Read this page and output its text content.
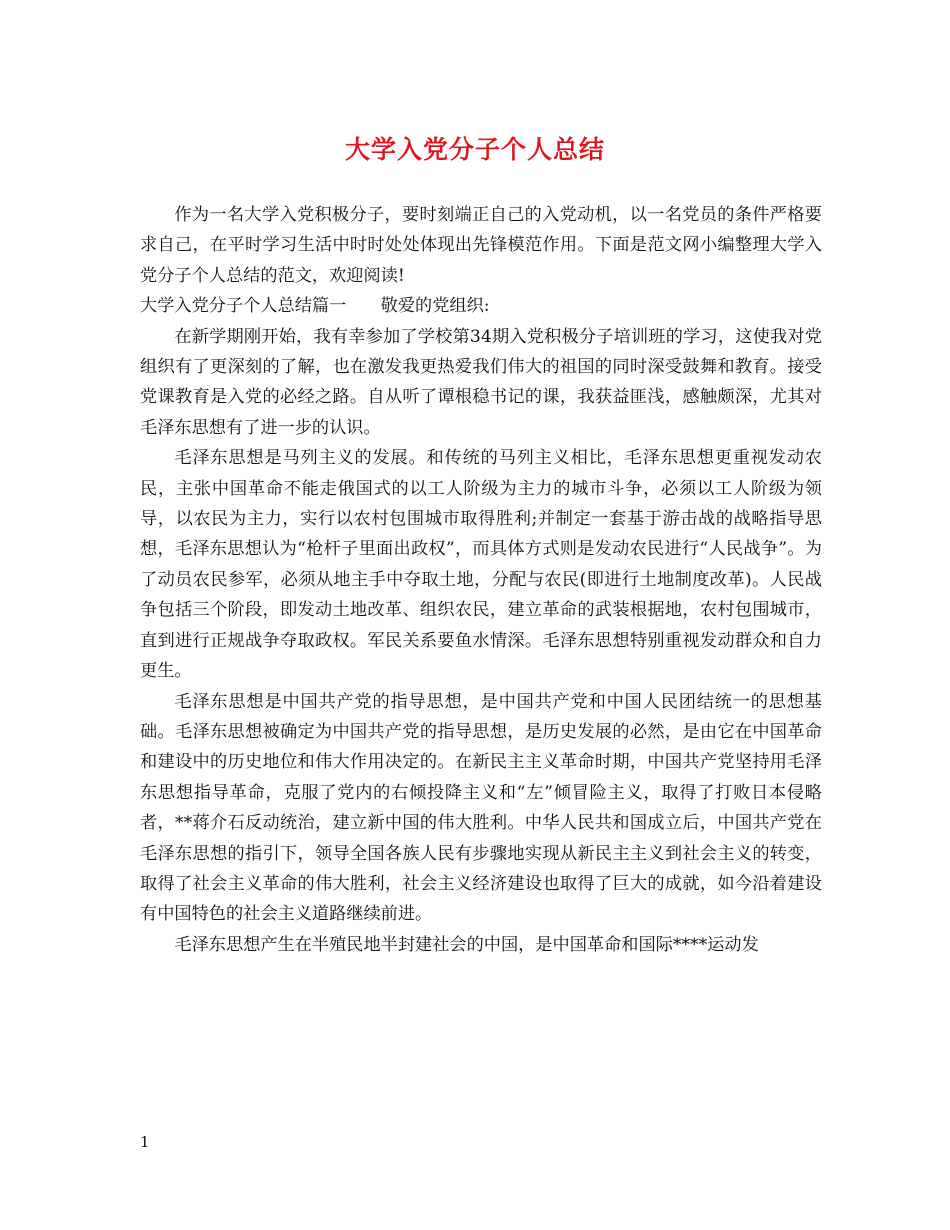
大学入党分子个人总结

作为一名大学入党积极分子，要时刻端正自己的入党动机，以一名党员的条件严格要求自己，在平时学习生活中时时处处体现出先锋模范作用。下面是范文网小编整理大学入党分子个人总结的范文，欢迎阅读!

大学入党分子个人总结篇一　　敬爱的党组织:

在新学期刚开始，我有幸参加了学校第34期入党积极分子培训班的学习，这使我对党组织有了更深刻的了解，也在激发我更热爱我们伟大的祖国的同时深受鼓舞和教育。接受党课教育是入党的必经之路。自从听了谭根稳书记的课，我获益匪浅，感触颇深，尤其对毛泽东思想有了进一步的认识。

毛泽东思想是马列主义的发展。和传统的马列主义相比，毛泽东思想更重视发动农民，主张中国革命不能走俄国式的以工人阶级为主力的城市斗争，必须以工人阶级为领导，以农民为主力，实行以农村包围城市取得胜利;并制定一套基于游击战的战略指导思想，毛泽东思想认为“枪杆子里面出政权”，而具体方式则是发动农民进行“人民战争”。为了动员农民参军，必须从地主手中夺取土地，分配与农民(即进行土地制度改革)。人民战争包括三个阶段，即发动土地改革、组织农民，建立革命的武装根据地，农村包围城市，直到进行正规战争夺取政权。军民关系要鱼水情深。毛泽东思想特别重视发动群众和自力更生。

毛泽东思想是中国共产党的指导思想，是中国共产党和中国人民团结统一的思想基础。毛泽东思想被确定为中国共产党的指导思想，是历史发展的必然，是由它在中国革命和建设中的历史地位和伟大作用决定的。在新民主主义革命时期，中国共产党坚持用毛泽东思想指导革命，克服了党内的右倾投降主义和“左”倾冒险主义，取得了打败日本侵略者，**蒋介石反动统治，建立新中国的伟大胜利。中华人民共和国成立后，中国共产党在毛泽东思想的指引下，领导全国各族人民有步骤地实现从新民主主义到社会主义的转变，取得了社会主义革命的伟大胜利，社会主义经济建设也取得了巨大的成就，如今沿着建设有中国特色的社会主义道路继续前进。

毛泽东思想产生在半殖民地半封建社会的中国，是中国革命和国际****运动发

1
